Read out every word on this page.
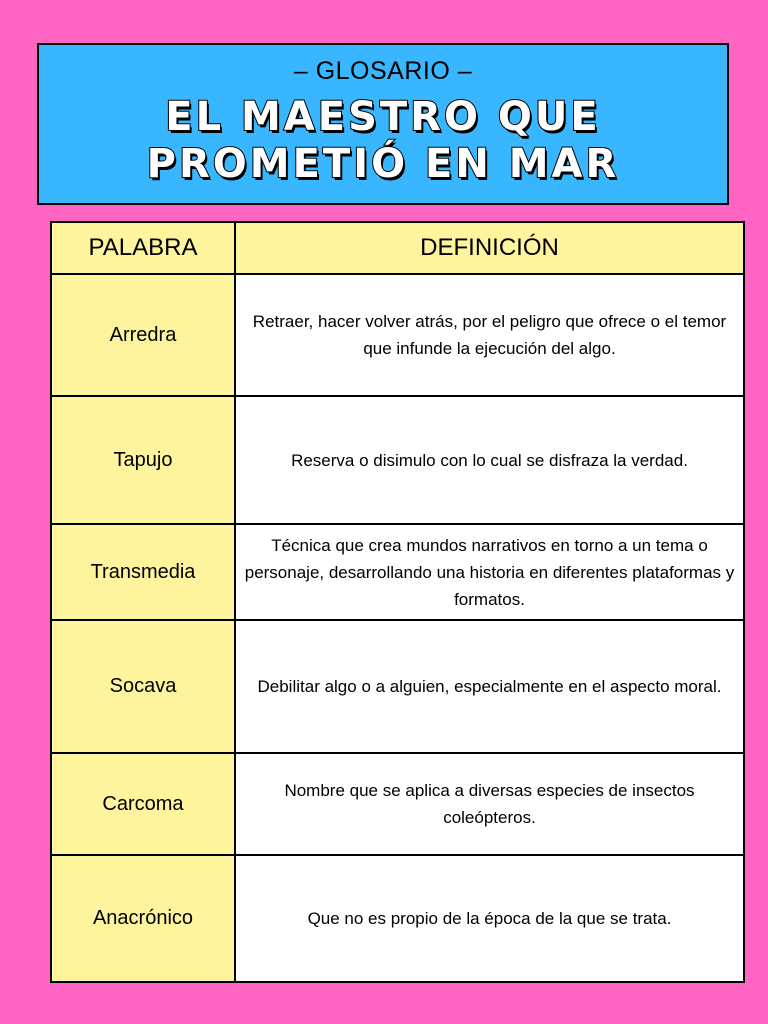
– GLOSARIO –
EL MAESTRO QUE
PROMETIÓ EN MAR
PALABRA	DEFINICIÓN
Arredra	Retraer, hacer volver atrás, por el peligro que ofrece o el temor que infunde la ejecución del algo.
Tapujo	Reserva o disimulo con lo cual se disfraza la verdad.
Transmedia	Técnica que crea mundos narrativos en torno a un tema o personaje, desarrollando una historia en diferentes plataformas y formatos.
Socava	Debilitar algo o a alguien, especialmente en el aspecto moral.
Carcoma	Nombre que se aplica a diversas especies de insectos coleópteros.
Anacrónico	Que no es propio de la época de la que se trata.
